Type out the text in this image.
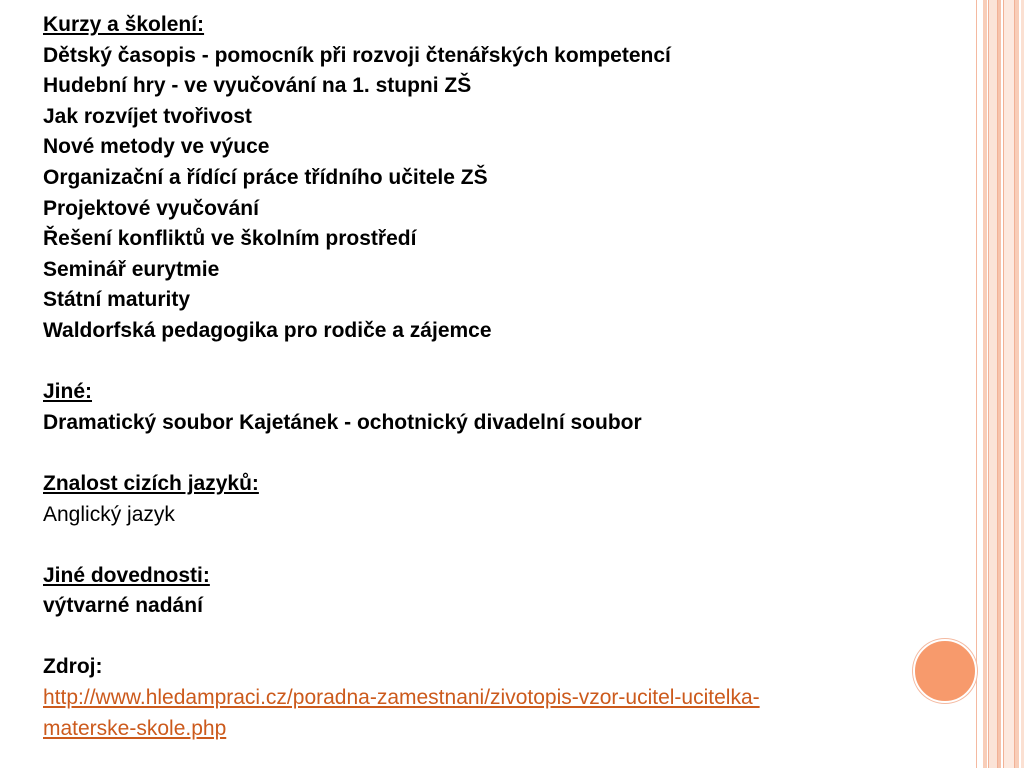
Kurzy a školení:
Dětský časopis - pomocník při rozvoji čtenářských kompetencí
Hudební hry - ve vyučování na 1. stupni ZŠ
Jak rozvíjet tvořivost
Nové metody ve výuce
Organizační a řídící práce třídního učitele ZŠ
Projektové vyučování
Řešení konfliktů ve školním prostředí
Seminář eurytmie
Státní maturity
Waldorfská pedagogika pro rodiče a zájemce
Jiné:
Dramatický soubor Kajetánek - ochotnický divadelní soubor
Znalost cizích jazyků:
Anglický jazyk
Jiné dovednosti:
výtvarné nadání
Zdroj:
http://www.hledampraci.cz/poradna-zamestnani/zivotopis-vzor-ucitel-ucitelka-
materske-skole.php
